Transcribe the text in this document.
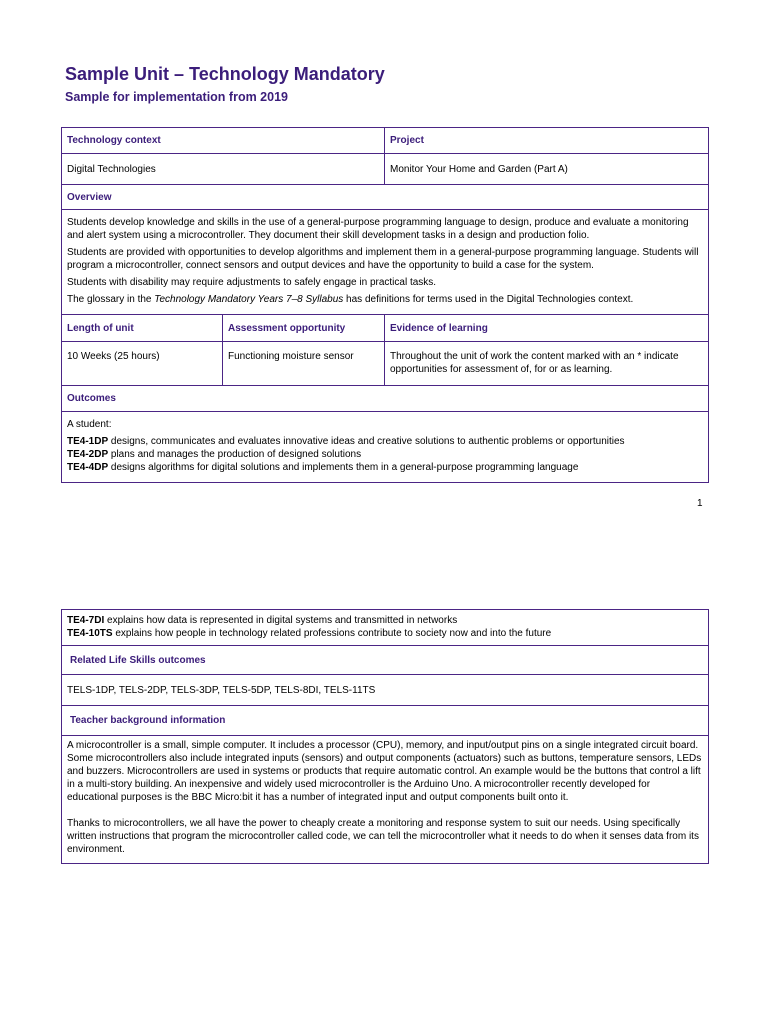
Sample Unit – Technology Mandatory
Sample for implementation from 2019
Technology context		Project
Digital Technologies		Monitor Your Home and Garden (Part A)
Overview		

Students develop knowledge and skills in the use of a general-purpose programming language to design, produce and evaluate a monitoring and alert system using a microcontroller. They document their skill development tasks in a design and production folio.

Students are provided with opportunities to develop algorithms and implement them in a general-purpose programming language. Students will program a microcontroller, connect sensors and output devices and have the opportunity to build a case for the system.

Students with disability may require adjustments to safely engage in practical tasks.

The glossary in the Technology Mandatory Years 7–8 Syllabus has definitions for terms used in the Digital Technologies context.		

Length of unit	Assessment opportunity	Evidence of learning
10 Weeks (25 hours)	Functioning moisture sensor	Throughout the unit of work the content marked with an * indicate opportunities for assessment of, for or as learning.
Outcomes		

A student:

TE4-1DP designs, communicates and evaluates innovative ideas and creative solutions to authentic problems or opportunities

TE4-2DP plans and manages the production of designed solutions

TE4-4DP designs algorithms for digital solutions and implements them in a general-purpose programming language		

1

TE4-7DI explains how data is represented in digital systems and transmitted in networks

TE4-10TS explains how people in technology related professions contribute to society now and into the future

Related Life Skills outcomes
TELS-1DP, TELS-2DP, TELS-3DP, TELS-5DP, TELS-8DI, TELS-11TS
Teacher background information

A microcontroller is a small, simple computer. It includes a processor (CPU), memory, and input/output pins on a single integrated circuit board. Some microcontrollers also include integrated inputs (sensors) and output components (actuators) such as buttons, temperature sensors, LEDs and buzzers. Microcontrollers are used in systems or products that require automatic control. An example would be the buttons that control a lift in a multi-story building. An inexpensive and widely used microcontroller is the Arduino Uno. A microcontroller recently developed for educational purposes is the BBC Micro:bit it has a number of integrated input and output components built onto it.

Thanks to microcontrollers, we all have the power to cheaply create a monitoring and response system to suit our needs. Using specifically written instructions that program the microcontroller called code, we can tell the microcontroller what it needs to do when it senses data from its environment.
